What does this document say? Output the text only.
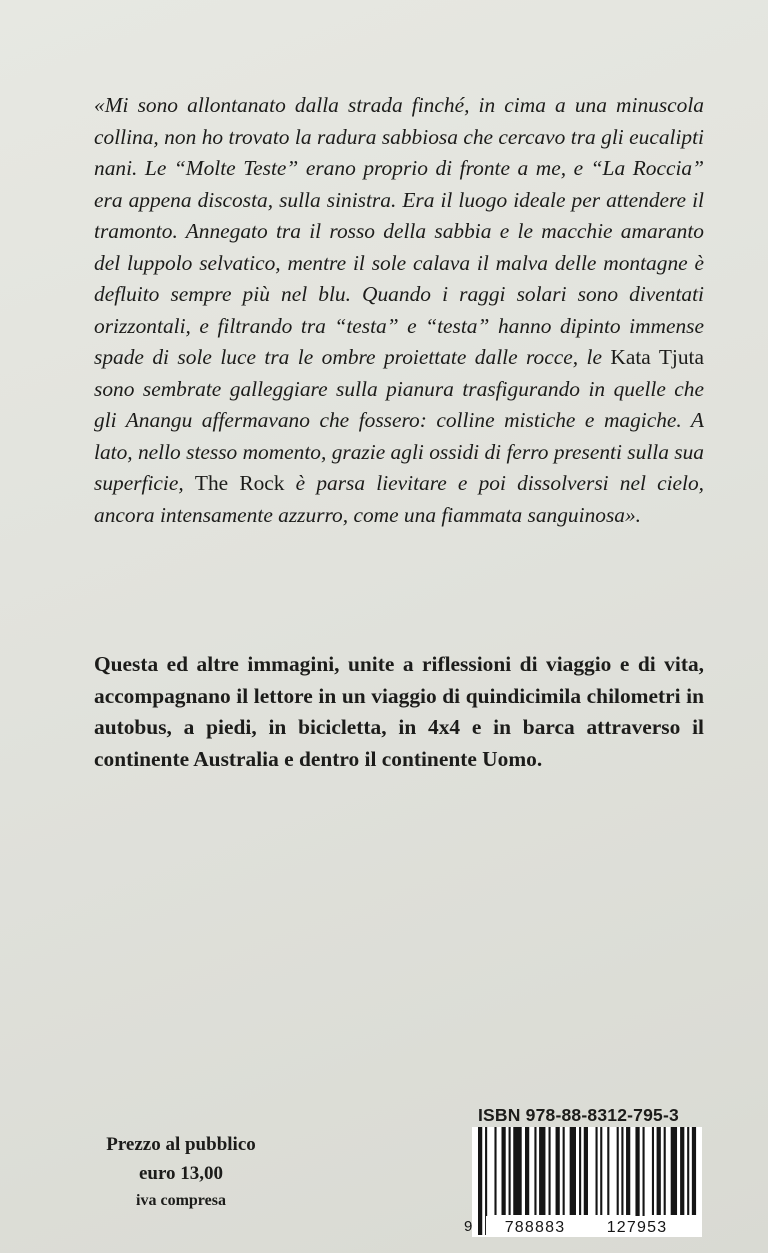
«Mi sono allontanato dalla strada finché, in cima a una minuscola collina, non ho trovato la radura sabbiosa che cercavo tra gli eucalipti nani. Le “Molte Teste” erano proprio di fronte a me, e “La Roccia” era appena discosta, sulla sinistra. Era il luogo ideale per attendere il tramonto. Annegato tra il rosso della sabbia e le macchie amaranto del luppolo selvatico, mentre il sole calava il malva delle montagne è defluito sempre più nel blu. Quando i raggi solari sono diventati orizzontali, e filtrando tra “testa” e “testa” hanno dipinto immense spade di sole luce tra le ombre proiettate dalle rocce, le Kata Tjuta sono sembrate galleggiare sulla pianura trasfigurando in quelle che gli Anangu affermavano che fossero: colline mistiche e magiche. A lato, nello stesso momento, grazie agli ossidi di ferro presenti sulla sua superficie, The Rock è parsa lievitare e poi dissolversi nel cielo, ancora intensamente azzurro, come una fiammata sanguinosa».

Questa ed altre immagini, unite a riflessioni di viaggio e di vita, accompagnano il lettore in un viaggio di quindicimila chilometri in autobus, a piedi, in bicicletta, in 4x4 e in barca attraverso il continente Australia e dentro il continente Uomo.

Prezzo al pubblico
euro 13,00
iva compresa
ISBN 978-88-8312-795-3
9 788883	127953
